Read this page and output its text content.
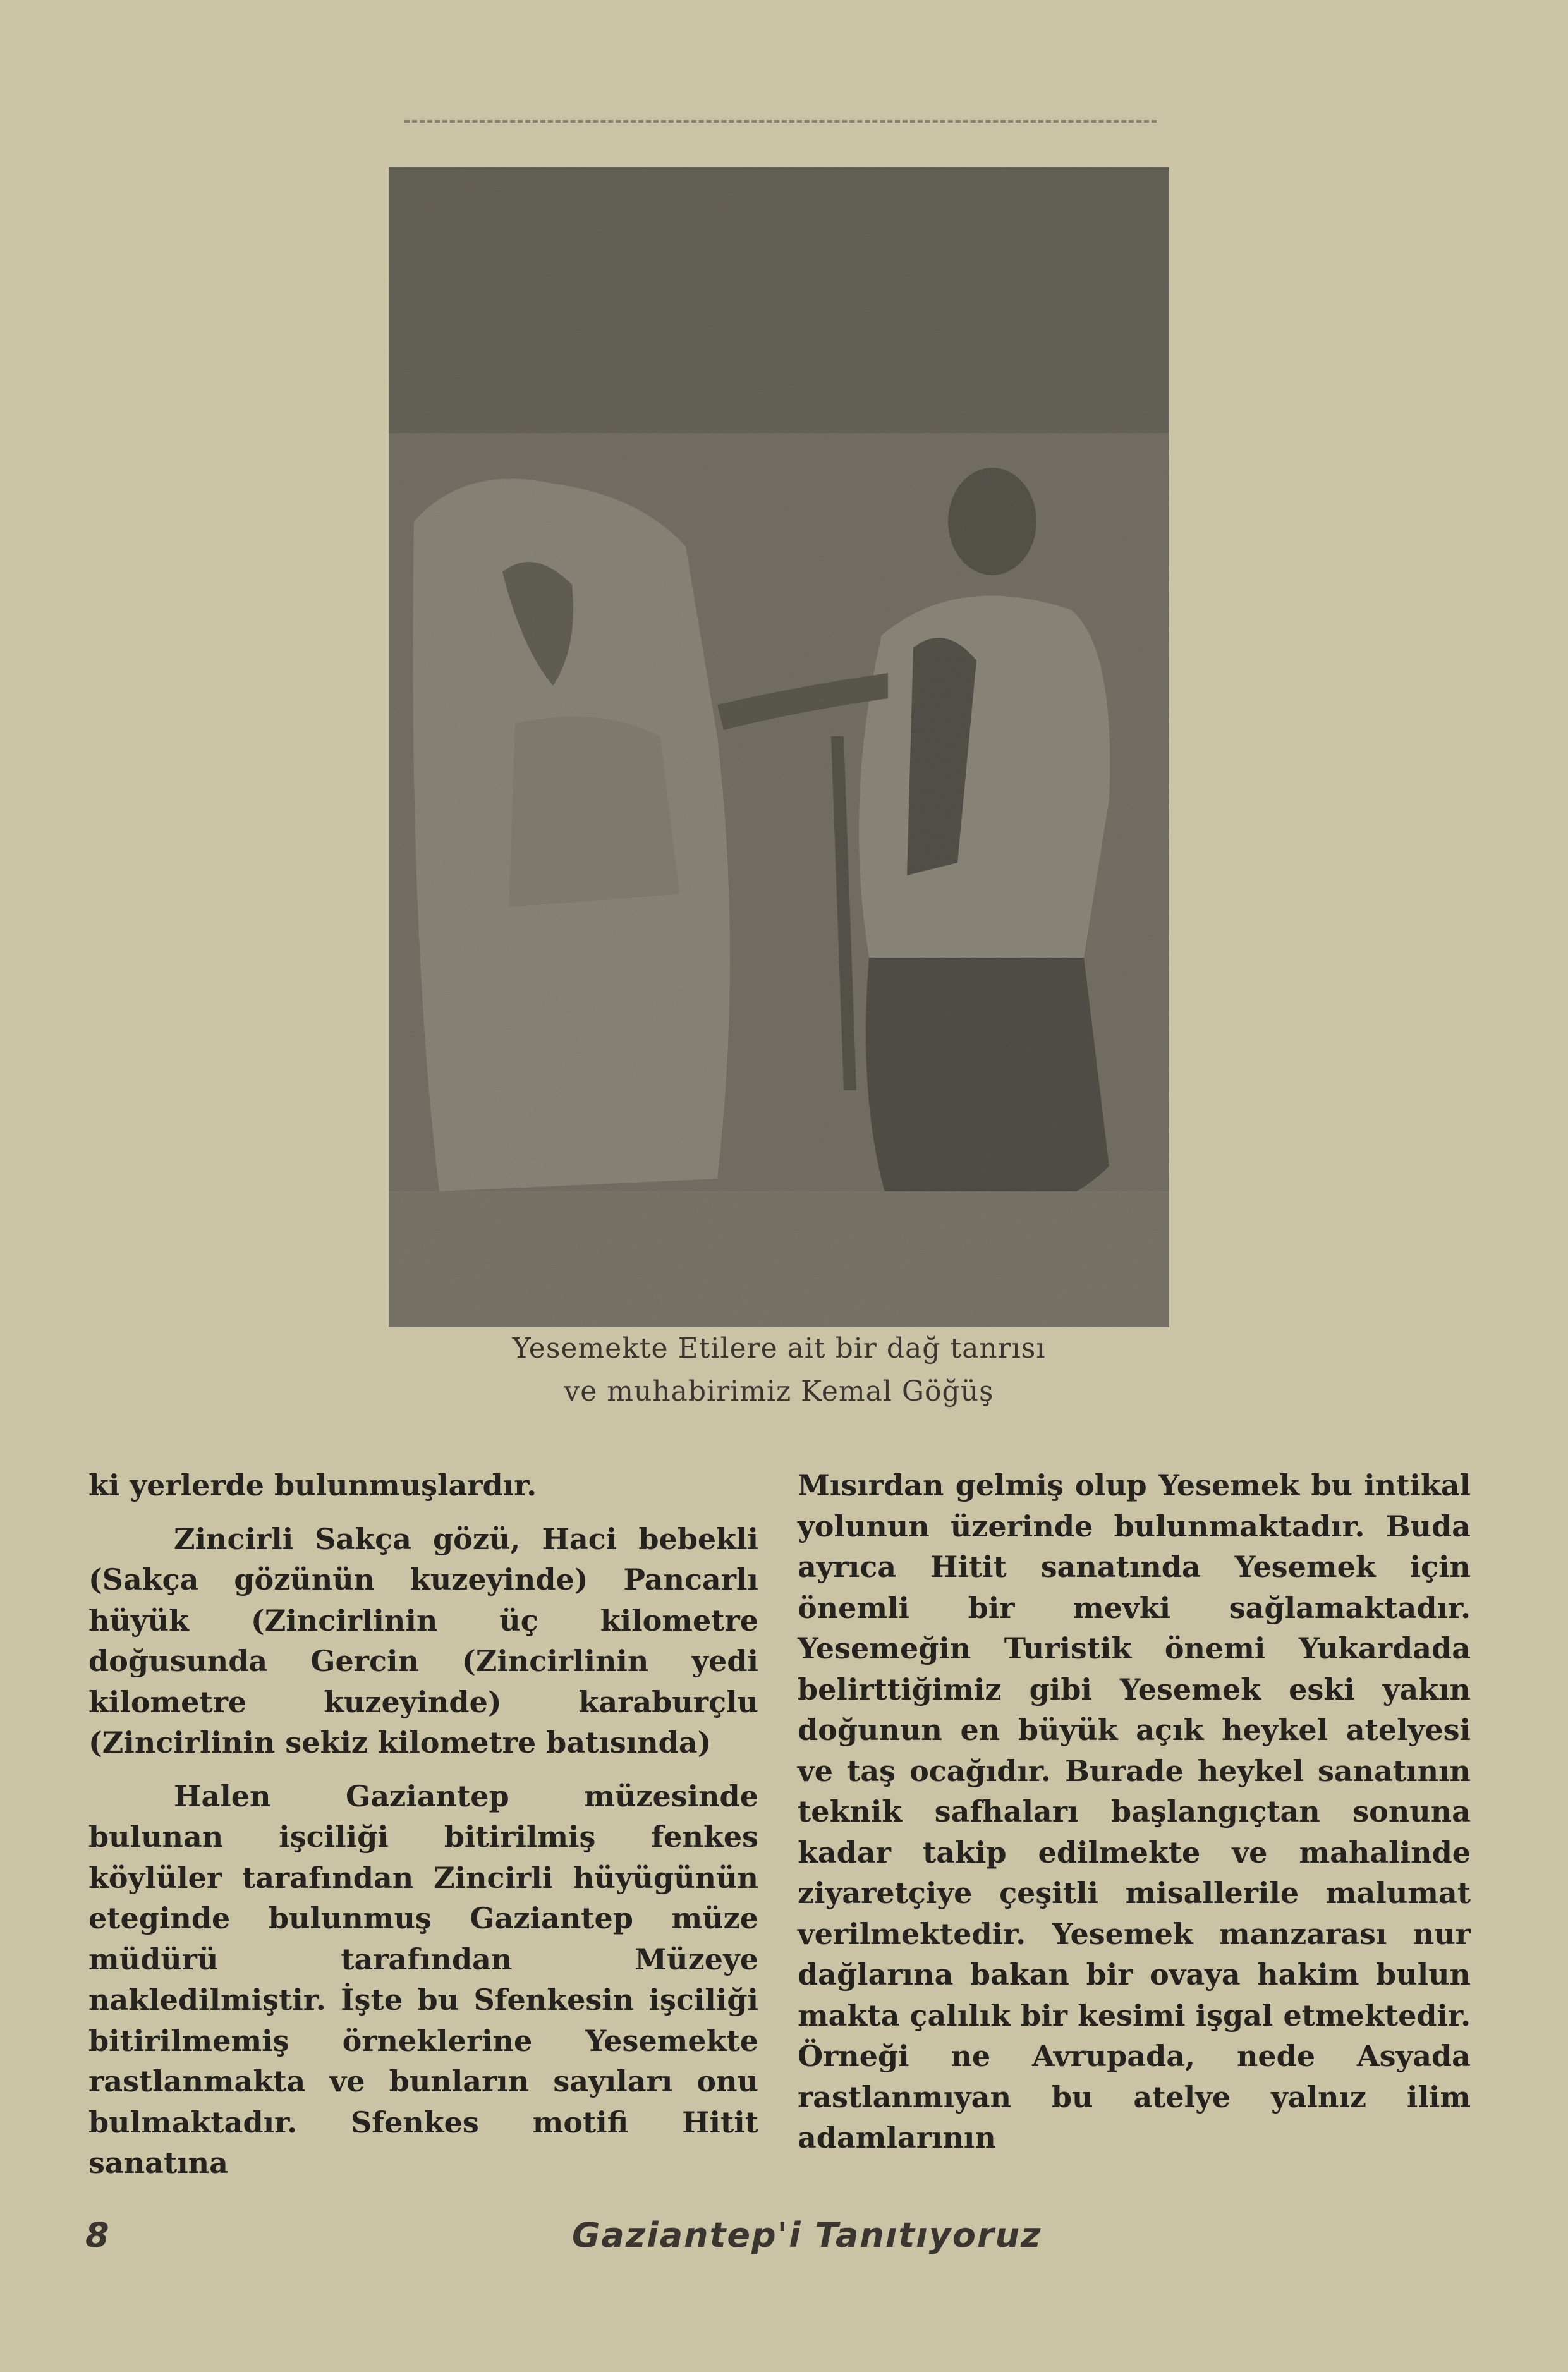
Yesemekte Etilere ait bir dağ tanrısı
ve muhabirimiz Kemal Göğüş

ki yerlerde bulunmuşlardır.

Zincirli Sakça gözü, Haci bebekli (Sakça gözünün kuzeyinde) Pancarlı hüyük (Zincirlinin üç kilometre doğusunda Gercin (Zincirlinin yedi kilometre kuzeyinde) karaburçlu (Zincirlinin sekiz kilometre batısında)

Halen Gaziantep müzesinde bulunan işciliği bitirilmiş fenkes köylüler tarafından Zincirli hüyügünün eteginde bulunmuş Gaziantep müze müdürü tarafından Müzeye nakledilmiştir. İşte bu Sfenkesin işciliği bitirilmemiş örneklerine Yesemekte rastlanmakta ve bunların sayıları onu bulmaktadır. Sfenkes motifi Hitit sanatına

Mısırdan gelmiş olup Yesemek bu intikal yolunun üzerinde bulunmaktadır. Buda ayrıca Hitit sanatında Yesemek için önemli bir mevki sağlamaktadır. Yesemeğin Turistik önemi Yukardada belirttiğimiz gibi Yesemek eski yakın doğunun en büyük açık heykel atelyesi ve taş ocağıdır. Burade heykel sanatının teknik safhaları başlangıçtan sonuna kadar takip edilmekte ve mahalinde ziyaretçiye çeşitli misallerile malumat verilmektedir. Yesemek manzarası nur dağlarına bakan bir ovaya hakim bulun makta çalılık bir kesimi işgal etmektedir. Örneği ne Avrupada, nede Asyada rastlanmıyan bu atelye yalnız ilim adamlarının

8	Gaziantep'i Tanıtıyoruz
